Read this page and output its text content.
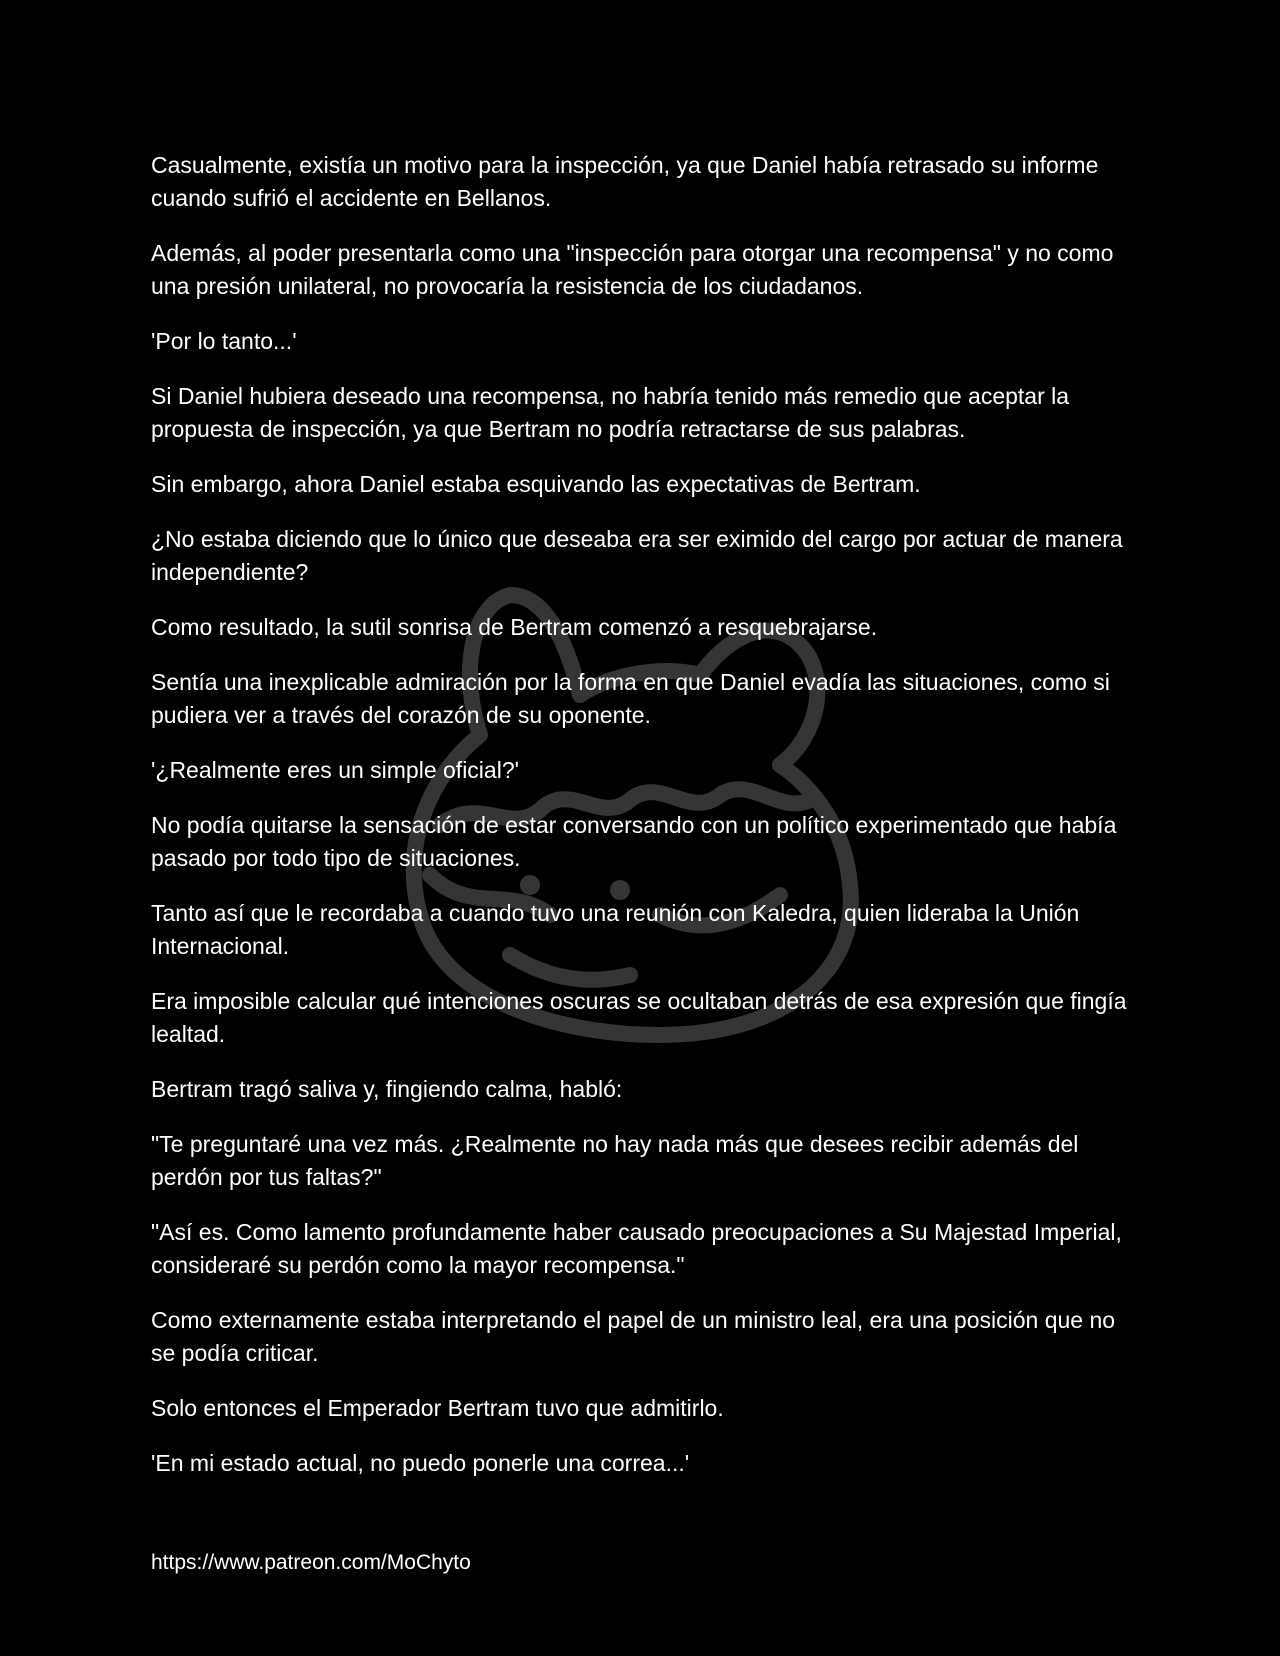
Casualmente, existía un motivo para la inspección, ya que Daniel había retrasado su informe cuando sufrió el accidente en Bellanos.

Además, al poder presentarla como una "inspección para otorgar una recompensa" y no como una presión unilateral, no provocaría la resistencia de los ciudadanos.

'Por lo tanto...'

Si Daniel hubiera deseado una recompensa, no habría tenido más remedio que aceptar la propuesta de inspección, ya que Bertram no podría retractarse de sus palabras.

Sin embargo, ahora Daniel estaba esquivando las expectativas de Bertram.

¿No estaba diciendo que lo único que deseaba era ser eximido del cargo por actuar de manera independiente?

Como resultado, la sutil sonrisa de Bertram comenzó a resquebrajarse.

Sentía una inexplicable admiración por la forma en que Daniel evadía las situaciones, como si pudiera ver a través del corazón de su oponente.

'¿Realmente eres un simple oficial?'

No podía quitarse la sensación de estar conversando con un político experimentado que había pasado por todo tipo de situaciones.

Tanto así que le recordaba a cuando tuvo una reunión con Kaledra, quien lideraba la Unión Internacional.

Era imposible calcular qué intenciones oscuras se ocultaban detrás de esa expresión que fingía lealtad.

Bertram tragó saliva y, fingiendo calma, habló:

"Te preguntaré una vez más. ¿Realmente no hay nada más que desees recibir además del perdón por tus faltas?"

"Así es. Como lamento profundamente haber causado preocupaciones a Su Majestad Imperial, consideraré su perdón como la mayor recompensa."

Como externamente estaba interpretando el papel de un ministro leal, era una posición que no se podía criticar.

Solo entonces el Emperador Bertram tuvo que admitirlo.

'En mi estado actual, no puedo ponerle una correa...'

https://www.patreon.com/MoChyto
